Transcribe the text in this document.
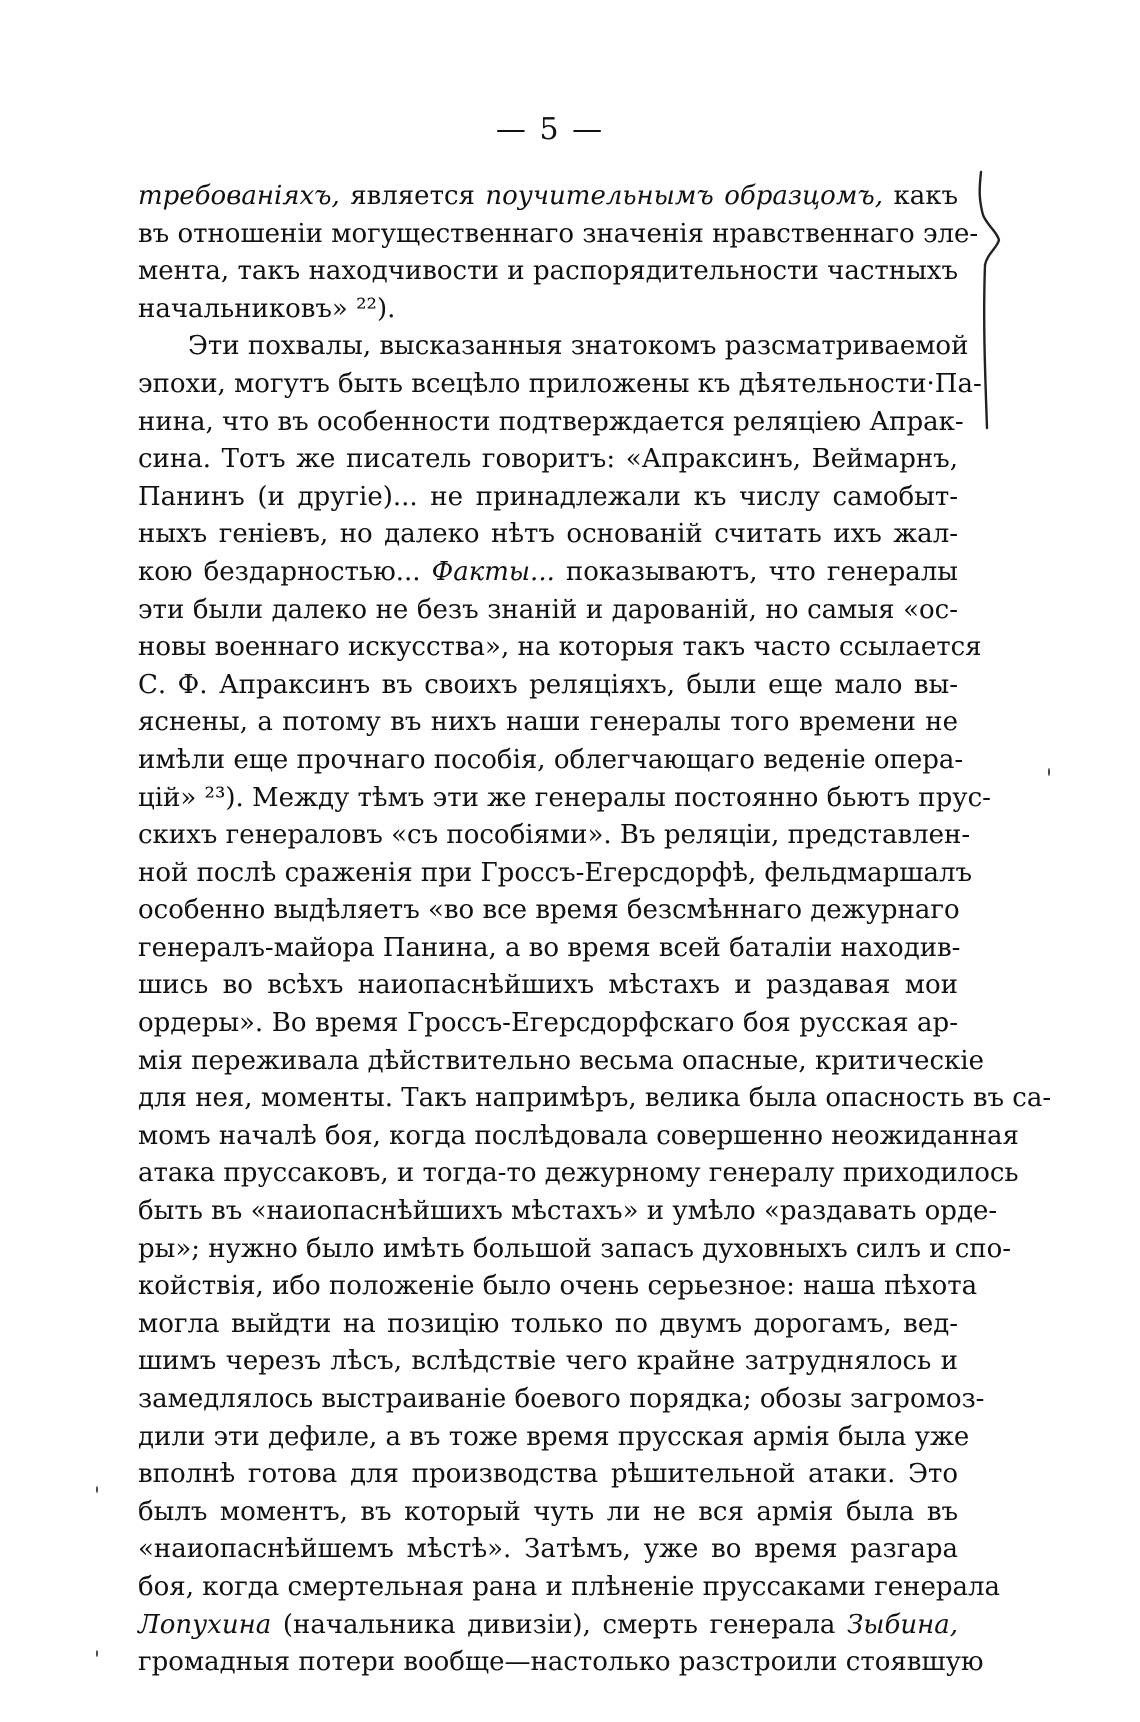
— 5 —
требованіяхъ, является поучительнымъ образцомъ, какъ
въ отношеніи могущественнаго значенія нравственнаго эле-
мента, такъ находчивости и распорядительности частныхъ
начальниковъ» ²²).
Эти похвалы, высказанныя знатокомъ разсматриваемой
эпохи, могутъ быть всецѣло приложены къ дѣятельности·Па-
нина, что въ особенности подтверждается реляціею Апрак-
сина. Тотъ же писатель говоритъ: «Апраксинъ, Веймарнъ,
Панинъ (и другіе)... не принадлежали къ числу самобыт-
ныхъ геніевъ, но далеко нѣтъ основаній считать ихъ жал-
кою бездарностью... Факты... показываютъ, что генералы
эти были далеко не безъ знаній и дарованій, но самыя «ос-
новы военнаго искусства», на которыя такъ часто ссылается
С. Ф. Апраксинъ въ своихъ реляціяхъ, были еще мало вы-
яснены, а потому въ нихъ наши генералы того времени не
имѣли еще прочнаго пособія, облегчающаго веденіе опера-
цій» ²³). Между тѣмъ эти же генералы постоянно бьютъ прус-
скихъ генераловъ «съ пособіями». Въ реляціи, представлен-
ной послѣ сраженія при Гроссъ-Егерсдорфѣ, фельдмаршалъ
особенно выдѣляетъ «во все время безсмѣннаго дежурнаго
генералъ-майора Панина, а во время всей баталіи находив-
шись во всѣхъ наиопаснѣйшихъ мѣстахъ и раздавая мои
ордеры». Во время Гроссъ-Егерсдорфскаго боя русская ар-
мія переживала дѣйствительно весьма опасные, критическіе
для нея, моменты. Такъ напримѣръ, велика была опасность въ са-
момъ началѣ боя, когда послѣдовала совершенно неожиданная
атака пруссаковъ, и тогда-то дежурному генералу приходилось
быть въ «наиопаснѣйшихъ мѣстахъ» и умѣло «раздавать орде-
ры»; нужно было имѣть большой запасъ духовныхъ силъ и спо-
койствія, ибо положеніе было очень серьезное: наша пѣхота
могла выйдти на позицію только по двумъ дорогамъ, вед-
шимъ черезъ лѣсъ, вслѣдствіе чего крайне затруднялось и
замедлялось выстраиваніе боевого порядка; обозы загромоз-
дили эти дефиле, а въ тоже время прусская армія была уже
вполнѣ готова для производства рѣшительной атаки. Это
былъ моментъ, въ который чуть ли не вся армія была въ
«наиопаснѣйшемъ мѣстѣ». Затѣмъ, уже во время разгара
боя, когда смертельная рана и плѣненіе пруссаками генерала
Лопухина (начальника дивизіи), смерть генерала Зыбина,
громадныя потери вообще—настолько разстроили стоявшую
